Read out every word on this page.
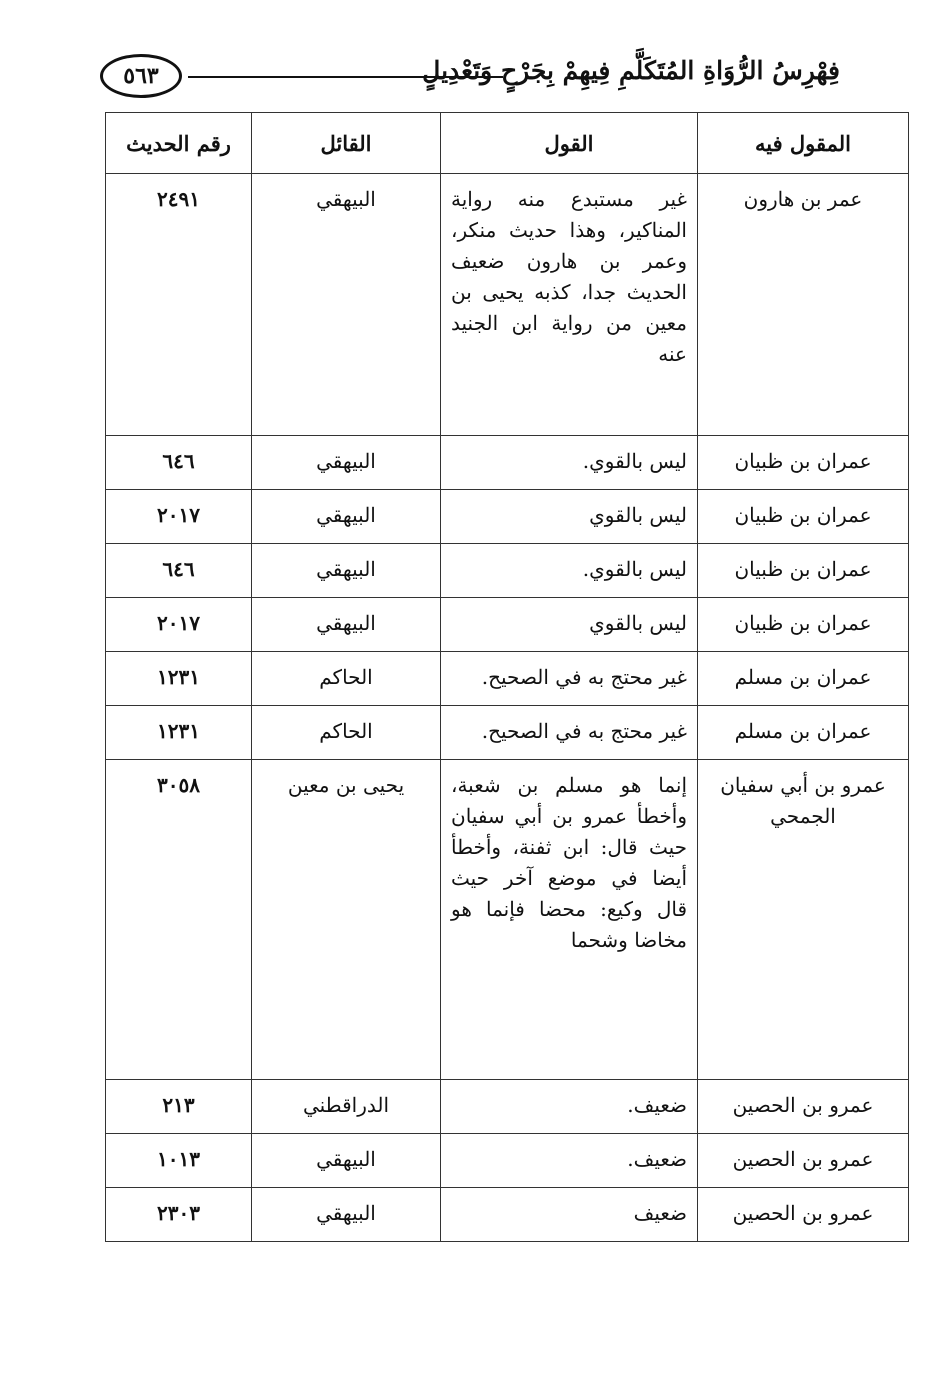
٥٦٣	فِهْرِسُ الرُّوَاةِ المُتَكَلَّمِ فِيهِمْ بِجَرْحٍ وَتَعْدِيلٍ
المقول فيه	القول	القائل	رقم الحديث
عمر بن هارون	غير مستبدع منه رواية المناكير، وهذا حديث منكر، وعمر بن هارون ضعيف الحديث جدا، كذبه يحيى بن معين من رواية ابن الجنيد عنه	البيهقي	٢٤٩١
عمران بن ظبيان	ليس بالقوي.	البيهقي	٦٤٦
عمران بن ظبيان	ليس بالقوي	البيهقي	٢٠١٧
عمران بن ظبيان	ليس بالقوي.	البيهقي	٦٤٦
عمران بن ظبيان	ليس بالقوي	البيهقي	٢٠١٧
عمران بن مسلم	غير محتج به في الصحيح.	الحاكم	١٢٣١
عمران بن مسلم	غير محتج به في الصحيح.	الحاكم	١٢٣١
عمرو بن أبي سفيان الجمحي	إنما هو مسلم بن شعبة، وأخطأ عمرو بن أبي سفيان حيث قال: ابن ثفنة، وأخطأ أيضا في موضع آخر حيث قال وكيع: محضا فإنما هو مخاضا وشحما	يحيى بن معين	٣٠٥٨
عمرو بن الحصين	ضعيف.	الدراقطني	٢١٣
عمرو بن الحصين	ضعيف.	البيهقي	١٠١٣
عمرو بن الحصين	ضعيف	البيهقي	٢٣٠٣
